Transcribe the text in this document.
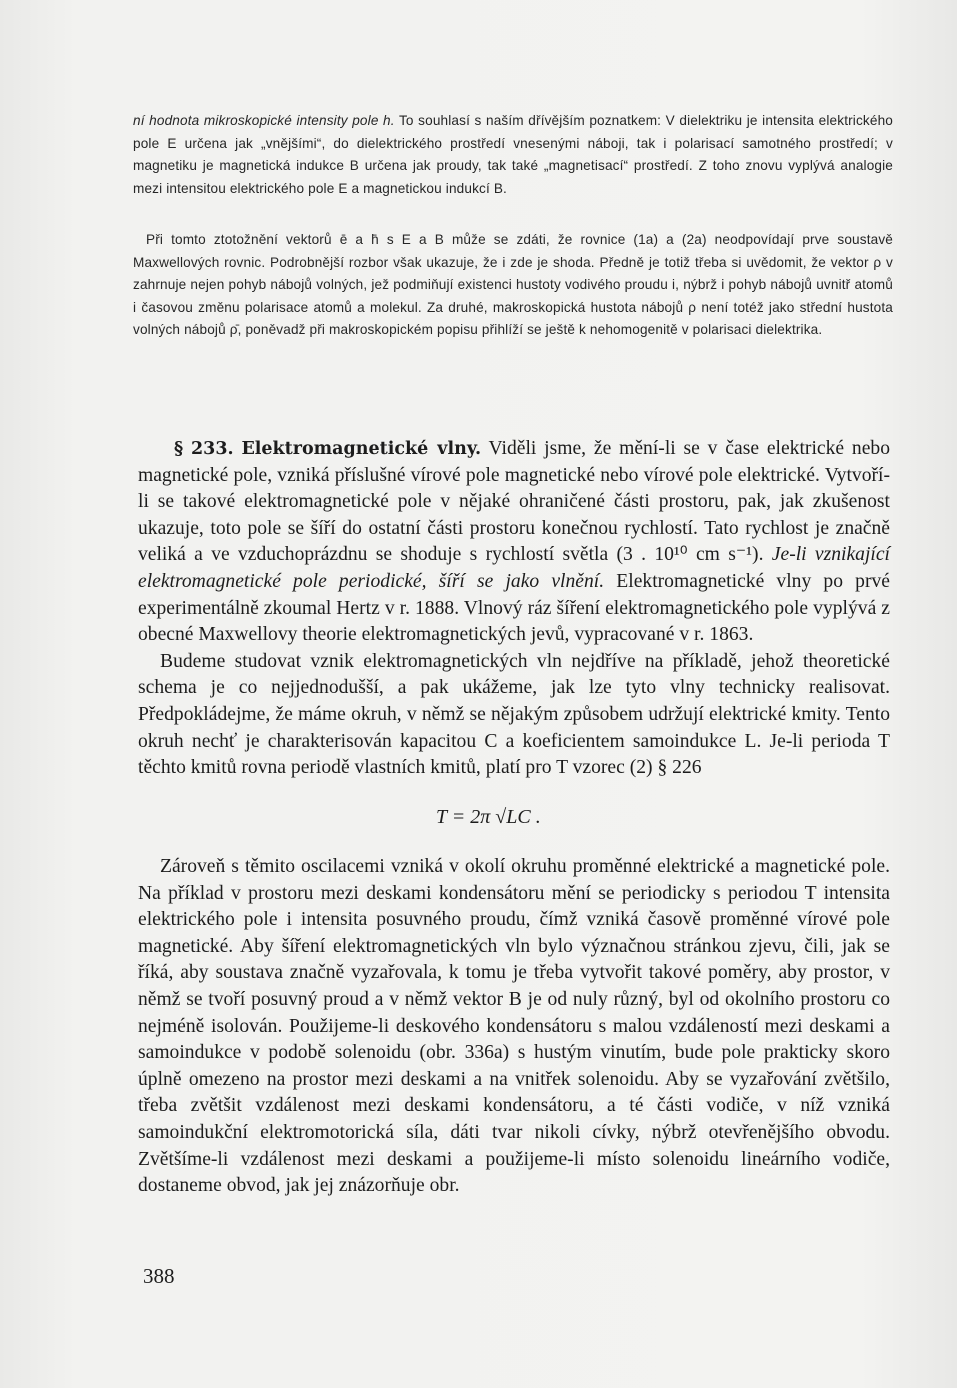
ní hodnota mikroskopické intensity pole h. To souhlasí s naším dřívějším poznatkem: V dielektriku je intensita elektrického pole E určena jak „vnějšími“, do dielektrického prostředí vnesenými náboji, tak i polarisací samotného prostředí; v magnetiku je magnetická indukce B určena jak proudy, tak také „magnetisací“ prostředí. Z toho znovu vyplývá analogie mezi intensitou elektrického pole E a magnetickou indukcí B.

Při tomto ztotožnění vektorů ē a h̄ s E a B může se zdáti, že rovnice (1a) a (2a) neodpovídají prve soustavě Maxwellových rovnic. Podrobnější rozbor však ukazuje, že i zde je shoda. Předně je totiž třeba si uvědomit, že vektor ρ v zahrnuje nejen pohyb nábojů volných, jež podmiňují existenci hustoty vodivého proudu i, nýbrž i pohyb nábojů uvnitř atomů i časovou změnu polarisace atomů a molekul. Za druhé, makroskopická hustota nábojů ρ není totéž jako střední hustota volných nábojů ρ̄, poněvadž při makroskopickém popisu přihlíží se ještě k nehomogenitě v polarisaci dielektrika.

§ 233. Elektromagnetické vlny. Viděli jsme, že mění-li se v čase elektrické nebo magnetické pole, vzniká příslušné vírové pole magnetické nebo vírové pole elektrické. Vytvoří-li se takové elektromagnetické pole v nějaké ohraničené části prostoru, pak, jak zkušenost ukazuje, toto pole se šíří do ostatní části prostoru konečnou rychlostí. Tato rychlost je značně veliká a ve vzduchoprázdnu se shoduje s rychlostí světla (3 . 10¹⁰ cm s⁻¹). Je-li vznikající elektromagnetické pole periodické, šíří se jako vlnění. Elektromagnetické vlny po prvé experimentálně zkoumal Hertz v r. 1888. Vlnový ráz šíření elektromagnetického pole vyplývá z obecné Maxwellovy theorie elektromagnetických jevů, vypracované v r. 1863.

Budeme studovat vznik elektromagnetických vln nejdříve na příkladě, jehož theoretické schema je co nejjednodušší, a pak ukážeme, jak lze tyto vlny technicky realisovat. Předpokládejme, že máme okruh, v němž se nějakým způsobem udržují elektrické kmity. Tento okruh nechť je charakterisován kapacitou C a koeficientem samoindukce L. Je-li perioda T těchto kmitů rovna periodě vlastních kmitů, platí pro T vzorec (2) § 226

T = 2π √LC .

Zároveň s těmito oscilacemi vzniká v okolí okruhu proměnné elektrické a magnetické pole. Na příklad v prostoru mezi deskami kondensátoru mění se periodicky s periodou T intensita elektrického pole i intensita posuvného proudu, čímž vzniká časově proměnné vírové pole magnetické. Aby šíření elektromagnetických vln bylo význačnou stránkou zjevu, čili, jak se říká, aby soustava značně vyzařovala, k tomu je třeba vytvořit takové poměry, aby prostor, v němž se tvoří posuvný proud a v němž vektor B je od nuly různý, byl od okolního prostoru co nejméně isolován. Použijeme-li deskového kondensátoru s malou vzdáleností mezi deskami a samoindukce v podobě solenoidu (obr. 336a) s hustým vinutím, bude pole prakticky skoro úplně omezeno na prostor mezi deskami a na vnitřek solenoidu. Aby se vyzařování zvětšilo, třeba zvětšit vzdálenost mezi deskami kondensátoru, a té části vodiče, v níž vzniká samoindukční elektromotorická síla, dáti tvar nikoli cívky, nýbrž otevřenějšího obvodu. Zvětšíme-li vzdálenost mezi deskami a použijeme-li místo solenoidu lineárního vodiče, dostaneme obvod, jak jej znázorňuje obr.

388
